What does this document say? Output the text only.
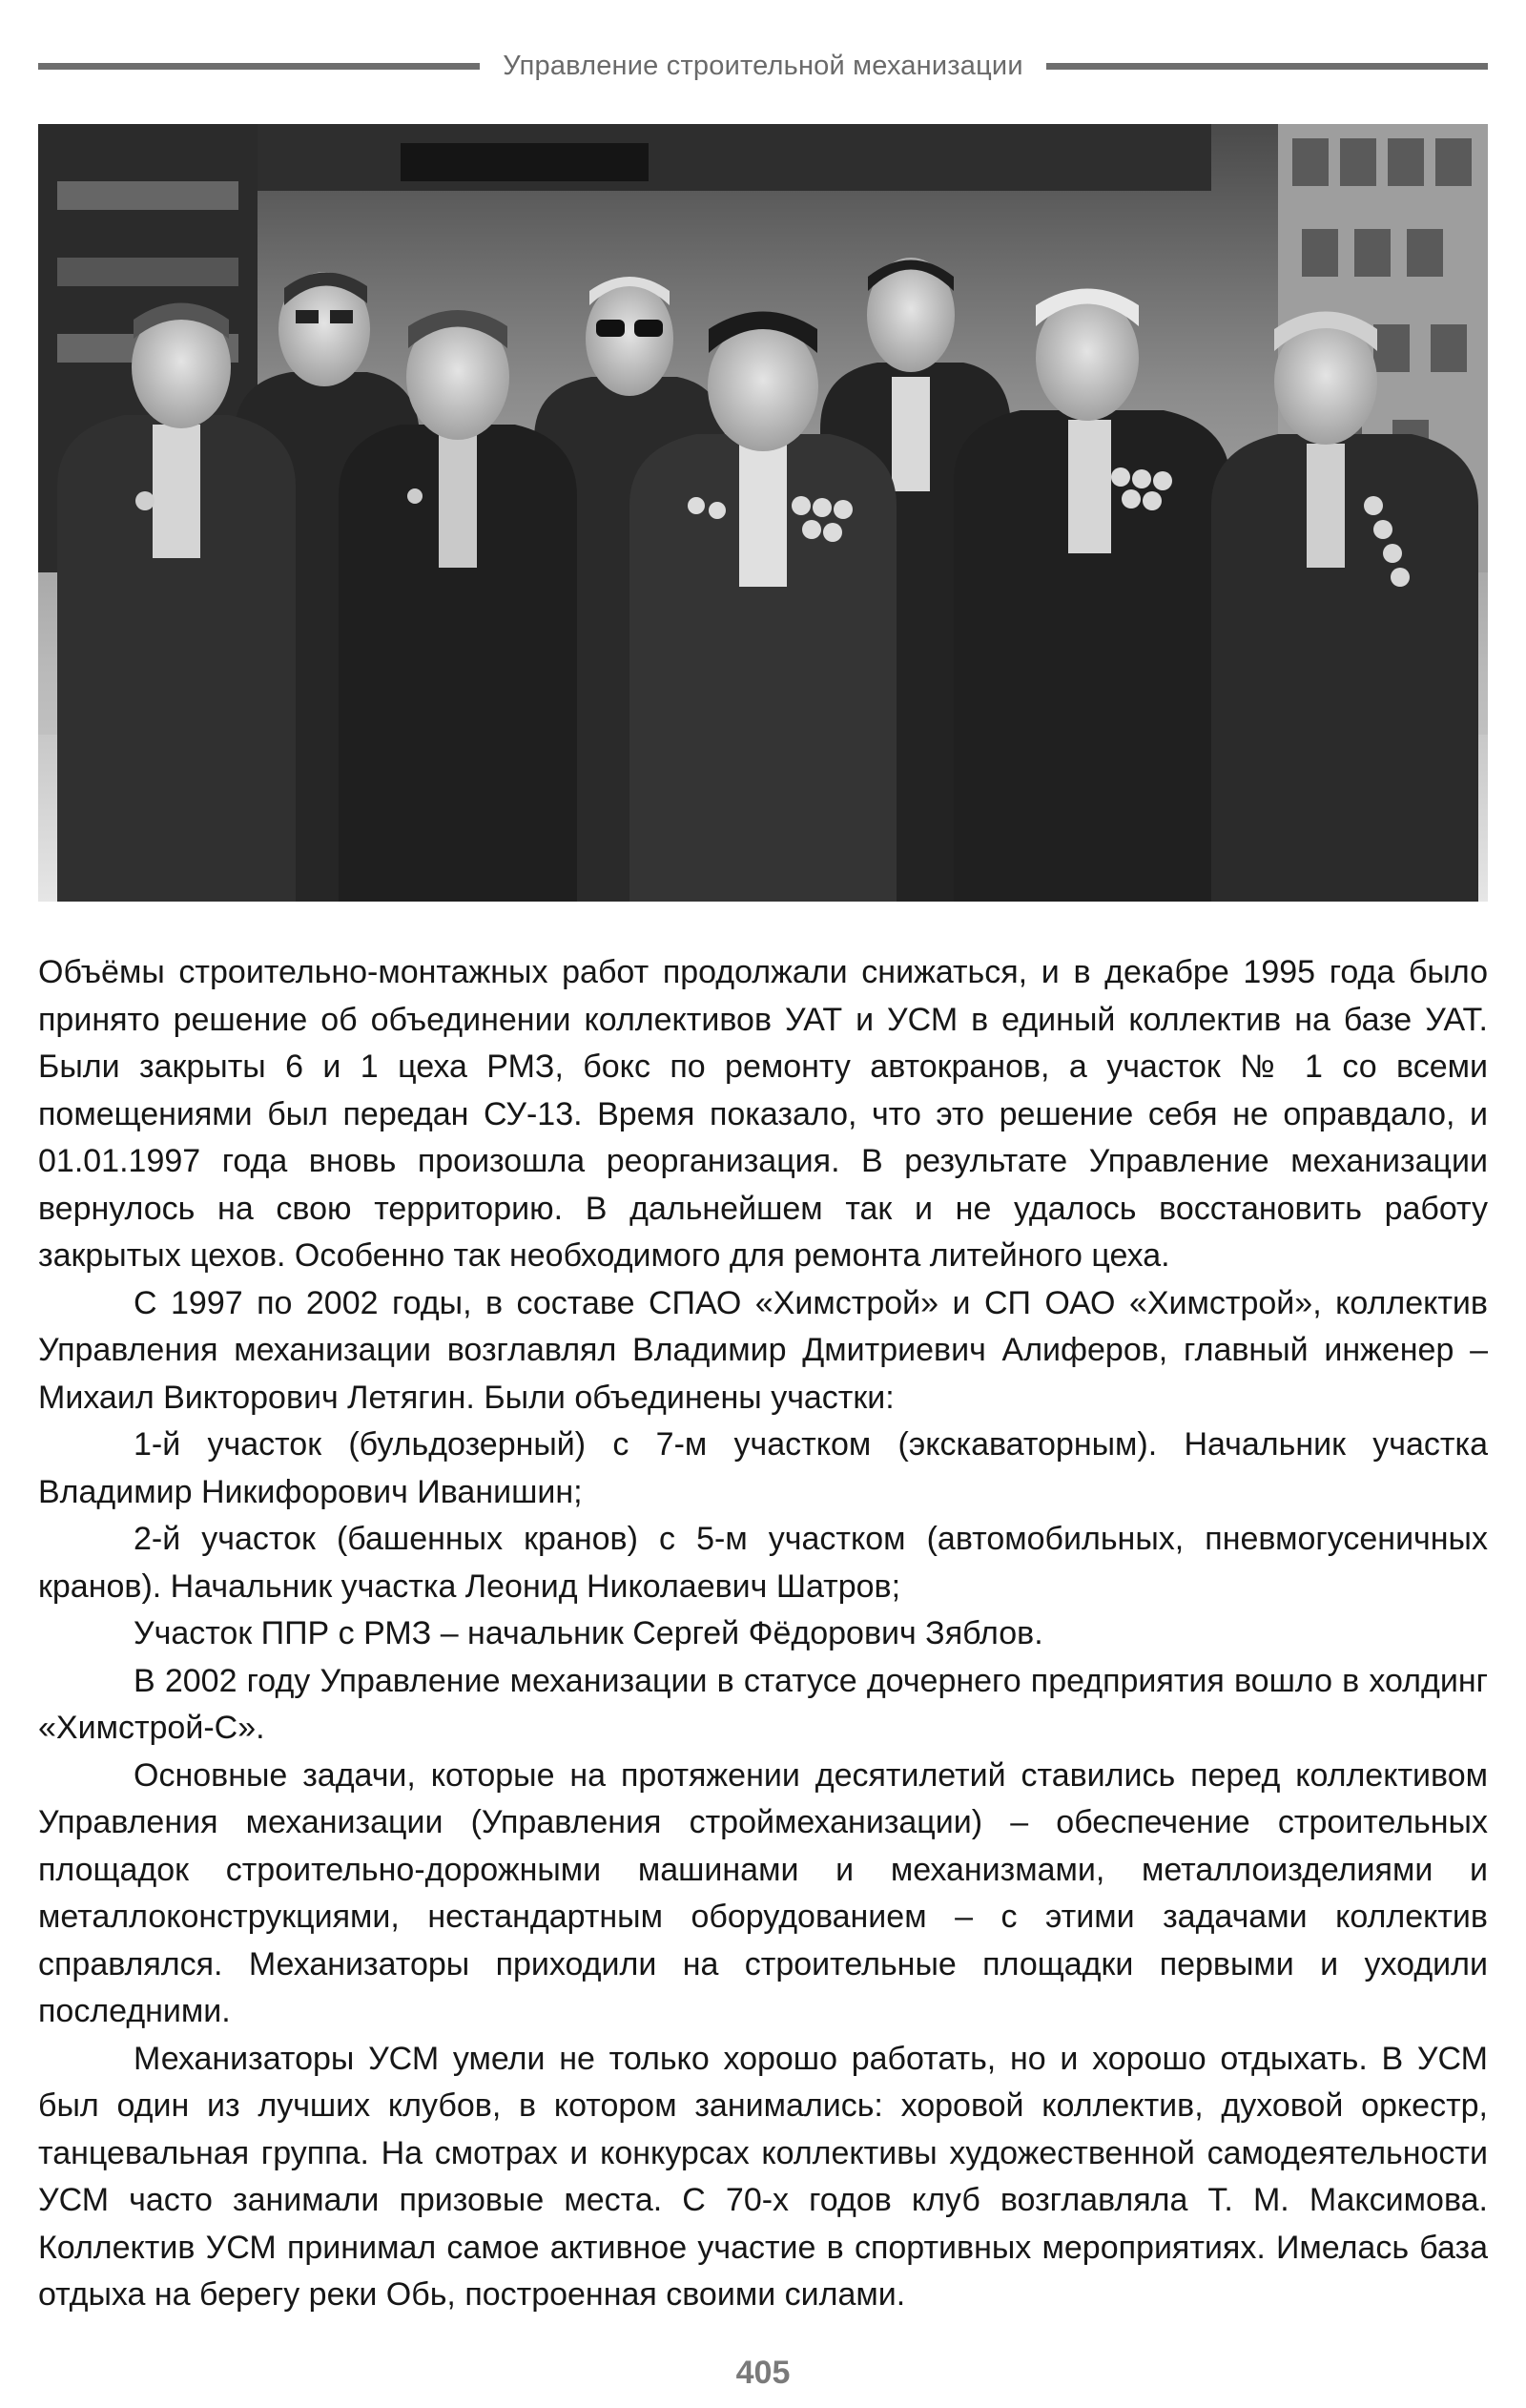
Управление строительной механизации

Объёмы строительно-монтажных работ продолжали снижаться, и в декабре 1995 года было принято решение об объединении коллективов УАТ и УСМ в единый коллектив на базе УАТ. Были закрыты 6 и 1 цеха РМЗ, бокс по ремонту автокранов, а участок № 1 со всеми помещениями был передан СУ-13. Время показало, что это решение себя не оправдало, и 01.01.1997 года вновь произошла реорганизация. В результате Управление механизации вернулось на свою территорию. В дальнейшем так и не удалось восстановить работу закрытых цехов. Особенно так необходимого для ремонта литейного цеха.

С 1997 по 2002 годы, в составе СПАО «Химстрой» и СП ОАО «Химстрой», коллектив Управления механизации возглавлял Владимир Дмитриевич Алиферов, главный инженер – Михаил Викторович Летягин. Были объединены участки:

1-й участок (бульдозерный) с 7-м участком (экскаваторным). Начальник участка Владимир Никифорович Иванишин;

2-й участок (башенных кранов) с 5-м участком (автомобильных, пневмогусеничных кранов). Начальник участка Леонид Николаевич Шатров;

Участок ППР с РМЗ – начальник Сергей Фёдорович Зяблов.

В 2002 году Управление механизации в статусе дочернего предприятия вошло в холдинг «Химстрой-С».

Основные задачи, которые на протяжении десятилетий ставились перед коллективом Управления механизации (Управления строймеханизации) – обеспечение строительных площадок строительно-дорожными машинами и механизмами, металлоизделиями и металлоконструкциями, нестандартным оборудованием – с этими задачами коллектив справлялся. Механизаторы приходили на строительные площадки первыми и уходили последними.

Механизаторы УСМ умели не только хорошо работать, но и хорошо отдыхать. В УСМ был один из лучших клубов, в котором занимались: хоровой коллектив, духовой оркестр, танцевальная группа. На смотрах и конкурсах коллективы художественной самодеятельности УСМ часто занимали призовые места. С 70-х годов клуб возглавляла Т. М. Максимова. Коллектив УСМ принимал самое активное участие в спортивных мероприятиях. Имелась база отдыха на берегу реки Обь, построенная своими силами.

405
